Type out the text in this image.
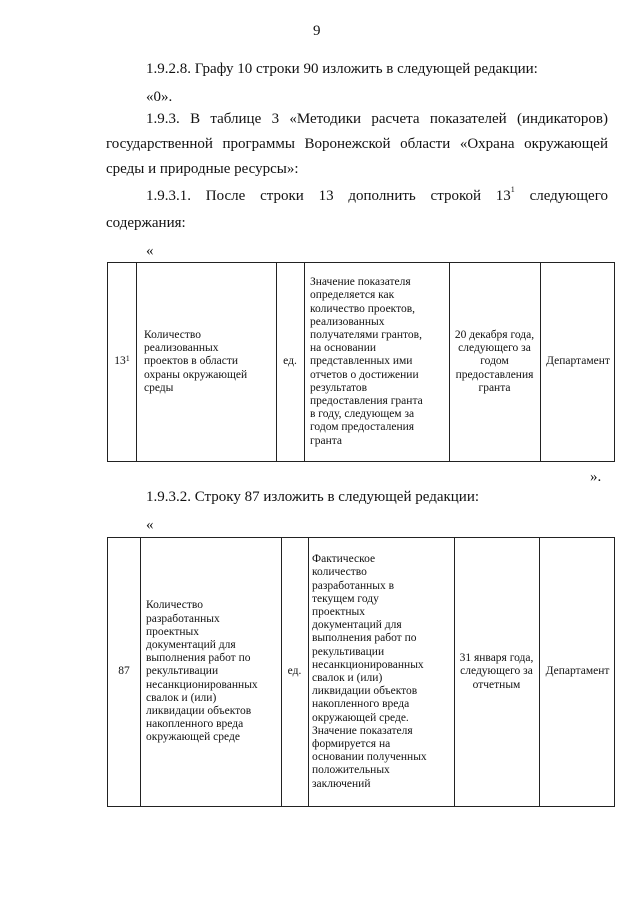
9
1.9.2.8. Графу 10 строки 90 изложить в следующей редакции:
«0».
1.9.3. В таблице 3 «Методики расчета показателей (индикаторов)
государственной программы Воронежской области «Охрана окружающей
среды и природные ресурсы»:
1.9.3.1. После строки 13 дополнить строкой $13^1$ следующего
содержания:
«
$13^1$
Количество
реализованных
проектов в области
охраны окружающей
среды
ед.
Значение показателя
определяется как
количество проектов,
реализованных
получателями грантов,
на основании
представленных ими
отчетов о достижении
результатов
предоставления гранта
в году, следующем за
годом предосталения
гранта
20 декабря года,
следующего за
годом
предоставления
гранта
Департамент
».
1.9.3.2. Строку 87 изложить в следующей редакции:
«
87
Количество
разработанных
проектных
документаций для
выполнения работ по
рекультивации
несанкционированных
свалок и (или)
ликвидации объектов
накопленного вреда
окружающей среде
ед.
Фактическое
количество
разработанных в
текущем году
проектных
документаций для
выполнения работ по
рекультивации
несанкционированных
свалок и (или)
ликвидации объектов
накопленного вреда
окружающей среде.
Значение показателя
формируется на
основании полученных
положительных
заключений
31 января года,
следующего за
отчетным
Департамент
